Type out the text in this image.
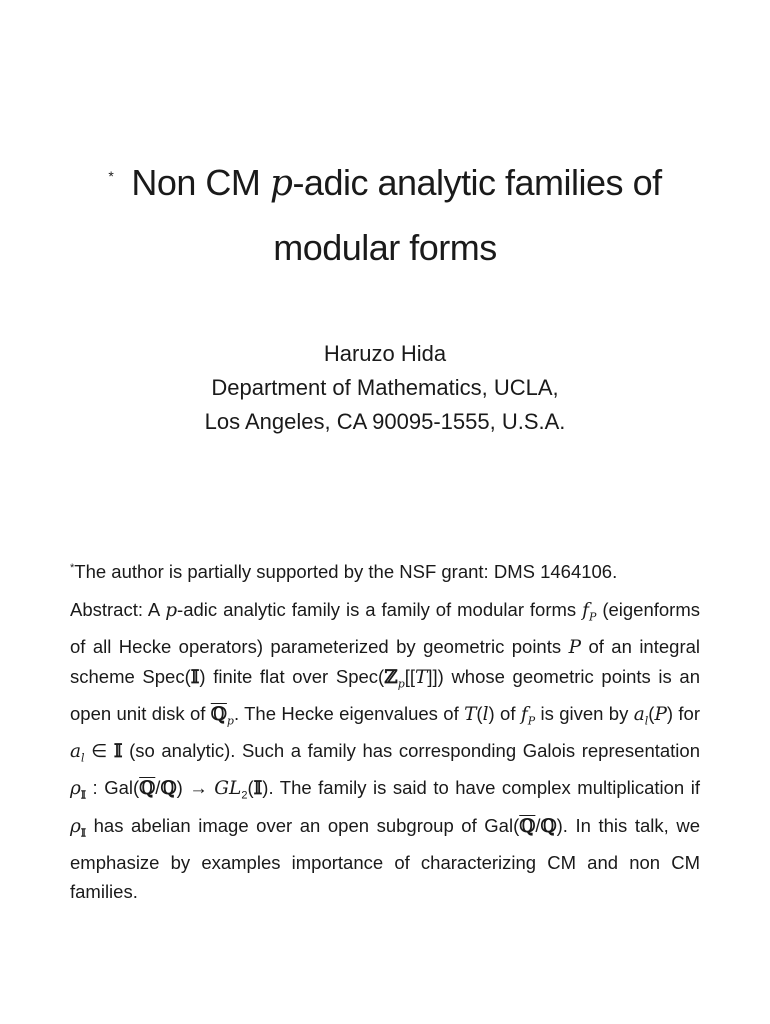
* Non CM p-adic analytic families of
modular forms
Haruzo Hida
Department of Mathematics, UCLA,
Los Angeles, CA 90095-1555, U.S.A.
*The author is partially supported by the NSF grant: DMS 1464106.
Abstract: A p-adic analytic family is a family of modular forms $f_P$ (eigenforms of all Hecke operators) parameterized by geometric points P of an integral scheme Spec(𝕀) finite flat over Spec(ℤ$_p$[[T]]) whose geometric points is an open unit disk of ℚ$_p$. The Hecke eigenvalues of T(l) of $f_P$ is given by $a_l(P)$ for $a_l$ ∈ 𝕀 (so analytic). Such a family has corresponding Galois representation $\rho_𝕀$ : Gal(ℚ/ℚ) → $GL_2(𝕀)$. The family is said to have complex multiplication if $\rho_𝕀$ has abelian image over an open subgroup of Gal(ℚ/ℚ). In this talk, we emphasize by examples importance of characterizing CM and non CM families.
